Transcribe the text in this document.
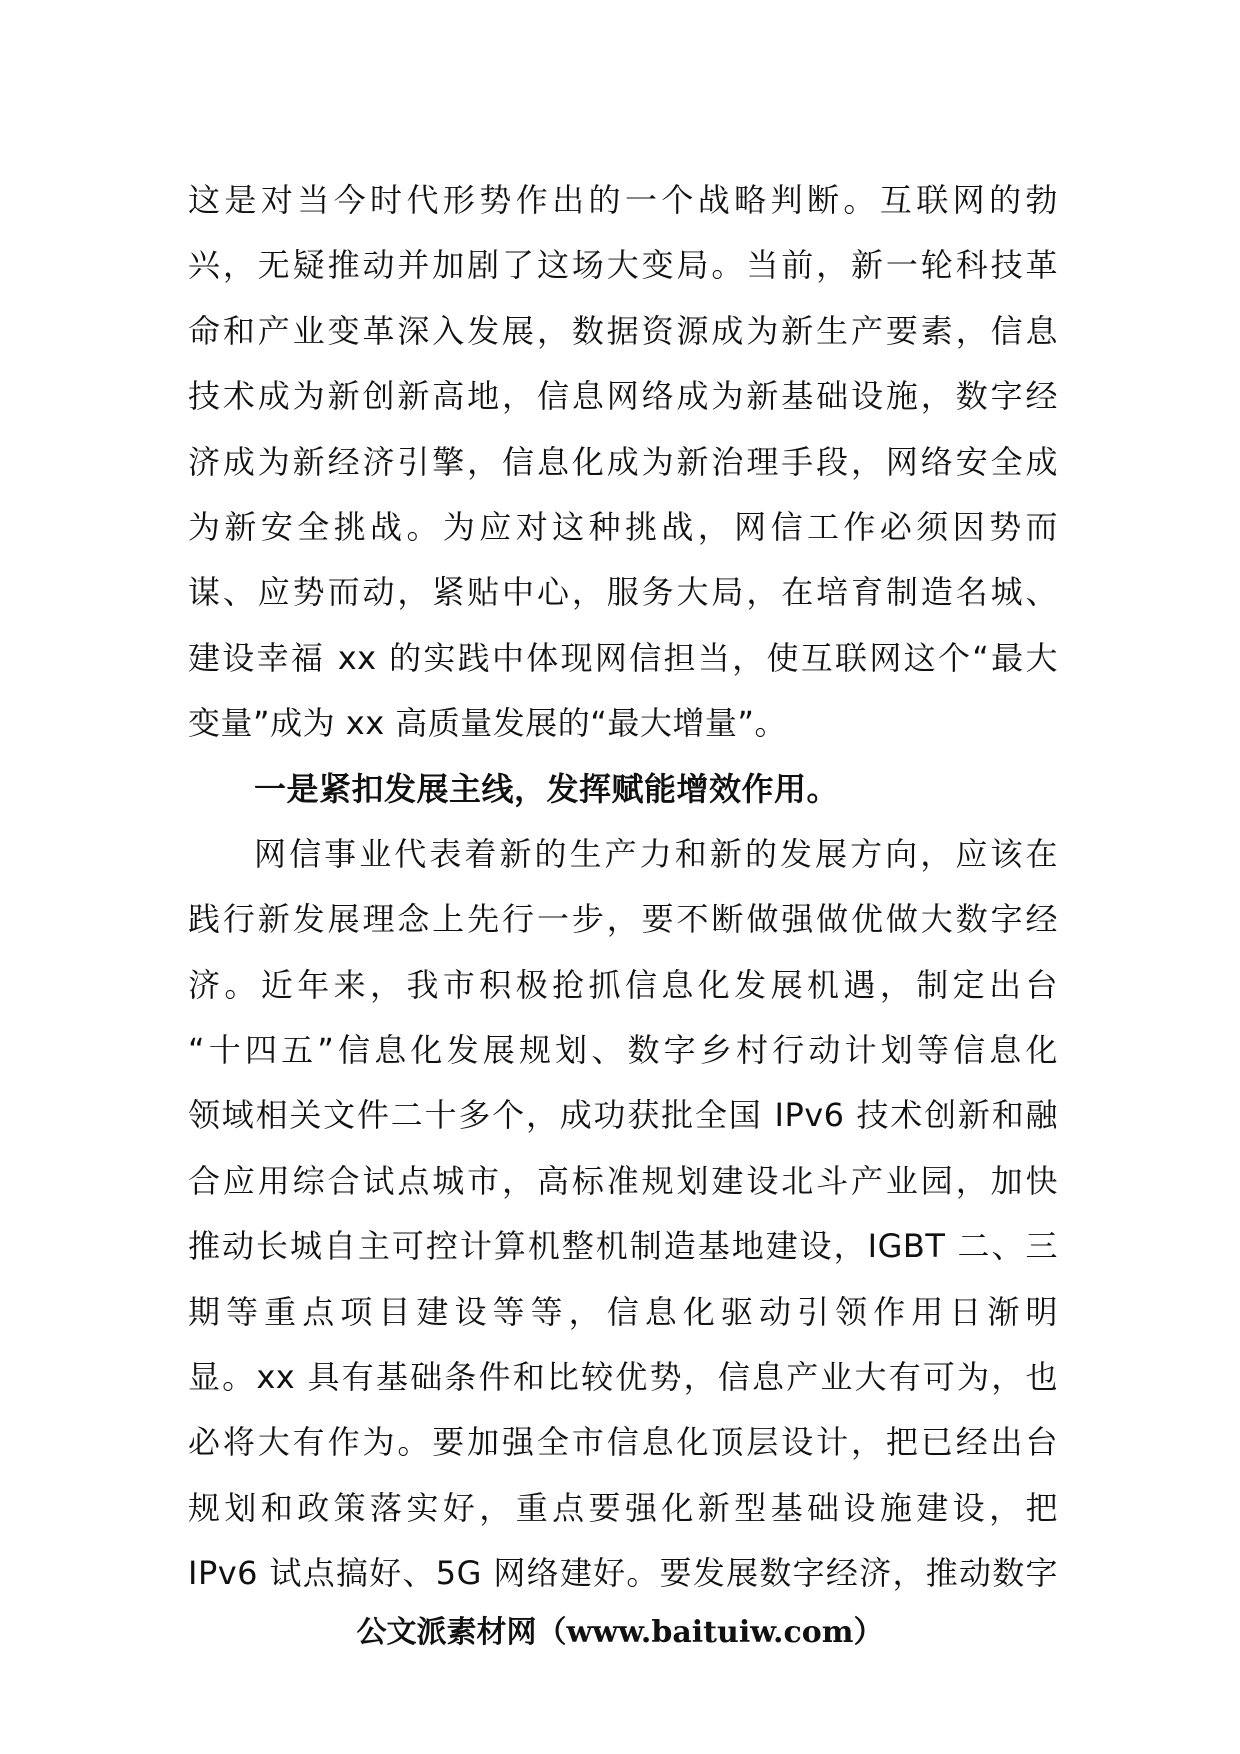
这是对当今时代形势作出的一个战略判断。互联网的勃
兴，无疑推动并加剧了这场大变局。当前，新一轮科技革
命和产业变革深入发展，数据资源成为新生产要素，信息
技术成为新创新高地，信息网络成为新基础设施，数字经
济成为新经济引擎，信息化成为新治理手段，网络安全成
为新安全挑战。为应对这种挑战，网信工作必须因势而
谋、应势而动，紧贴中心，服务大局，在培育制造名城、
建设幸福 xx 的实践中体现网信担当，使互联网这个“最大
变量”成为 xx 高质量发展的“最大增量”。
一是紧扣发展主线，发挥赋能增效作用。
网信事业代表着新的生产力和新的发展方向，应该在
践行新发展理念上先行一步，要不断做强做优做大数字经
济。近年来，我市积极抢抓信息化发展机遇，制定出台
“十四五”信息化发展规划、数字乡村行动计划等信息化
领域相关文件二十多个，成功获批全国 IPv6 技术创新和融
合应用综合试点城市，高标准规划建设北斗产业园，加快
推动长城自主可控计算机整机制造基地建设，IGBT 二、三
期等重点项目建设等等，信息化驱动引领作用日渐明
显。xx 具有基础条件和比较优势，信息产业大有可为，也
必将大有作为。要加强全市信息化顶层设计，把已经出台
规划和政策落实好，重点要强化新型基础设施建设，把
IPv6 试点搞好、5G 网络建好。要发展数字经济，推动数字
公文派素材网（www.baituiw.com）
